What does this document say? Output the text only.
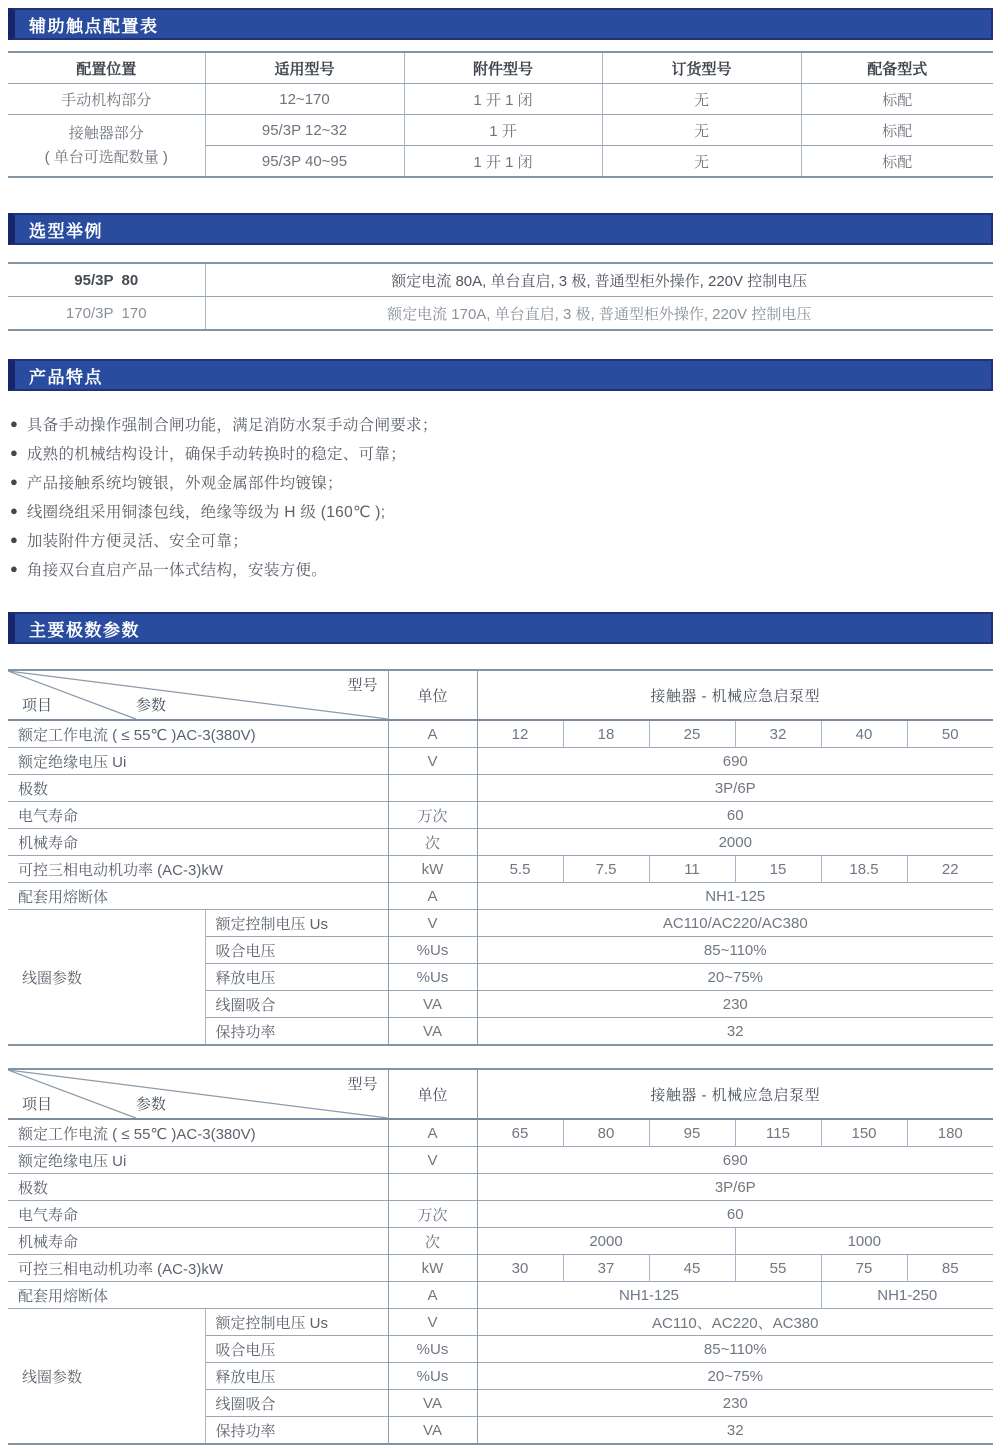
辅助触点配置表
配置位置	适用型号	附件型号	订货型号	配备型式
手动机构部分	12~170	1 开 1 闭	无	标配

接触器部分
( 单台可选配数量 )	95/3P 12~32	1 开	无	标配
	95/3P 40~95	1 开 1 闭	无	标配
选型举例
95/3P  80	额定电流 80A, 单台直启, 3 极, 普通型柜外操作, 220V 控制电压
170/3P  170	额定电流 170A, 单台直启, 3 极, 普通型柜外操作, 220V 控制电压
产品特点
● 具备手动操作强制合闸功能，满足消防水泵手动合闸要求；
● 成熟的机械结构设计，确保手动转换时的稳定、可靠；
● 产品接触系统均镀银，外观金属部件均镀镍；
● 线圈绕组采用铜漆包线，绝缘等级为 H 级 (160℃ );
● 加装附件方便灵活、安全可靠；
● 角接双台直启产品一体式结构，安装方便。
主要极数参数
型号
项目 参数		单位	接触器 - 机械应急启泵型					
额定工作电流 ( ≤ 55℃ )AC-3(380V)		A	12	18	25	32	40	50
额定绝缘电压 Ui		V	690					
极数			3P/6P					
电气寿命		万次	60					
机械寿命		次	2000					
可控三相电动机功率 (AC-3)kW		kW	5.5	7.5	11	15	18.5	22
配套用熔断体		A	NH1-125					
线圈参数	额定控制电压 Us	V	AC110/AC220/AC380					
	吸合电压	%Us	85~110%					
	释放电压	%Us	20~75%					
	线圈吸合	VA	230					
	保持功率	VA	32					
型号
项目 参数		单位	接触器 - 机械应急启泵型					
额定工作电流 ( ≤ 55℃ )AC-3(380V)		A	65	80	95	115	150	180
额定绝缘电压 Ui		V	690					
极数			3P/6P					
电气寿命		万次	60					
机械寿命		次	2000			1000		
可控三相电动机功率 (AC-3)kW		kW	30	37	45	55	75	85
配套用熔断体		A	NH1-125				NH1-250	
线圈参数	额定控制电压 Us	V	AC110、AC220、AC380					
	吸合电压	%Us	85~110%					
	释放电压	%Us	20~75%					
	线圈吸合	VA	230					
	保持功率	VA	32					
